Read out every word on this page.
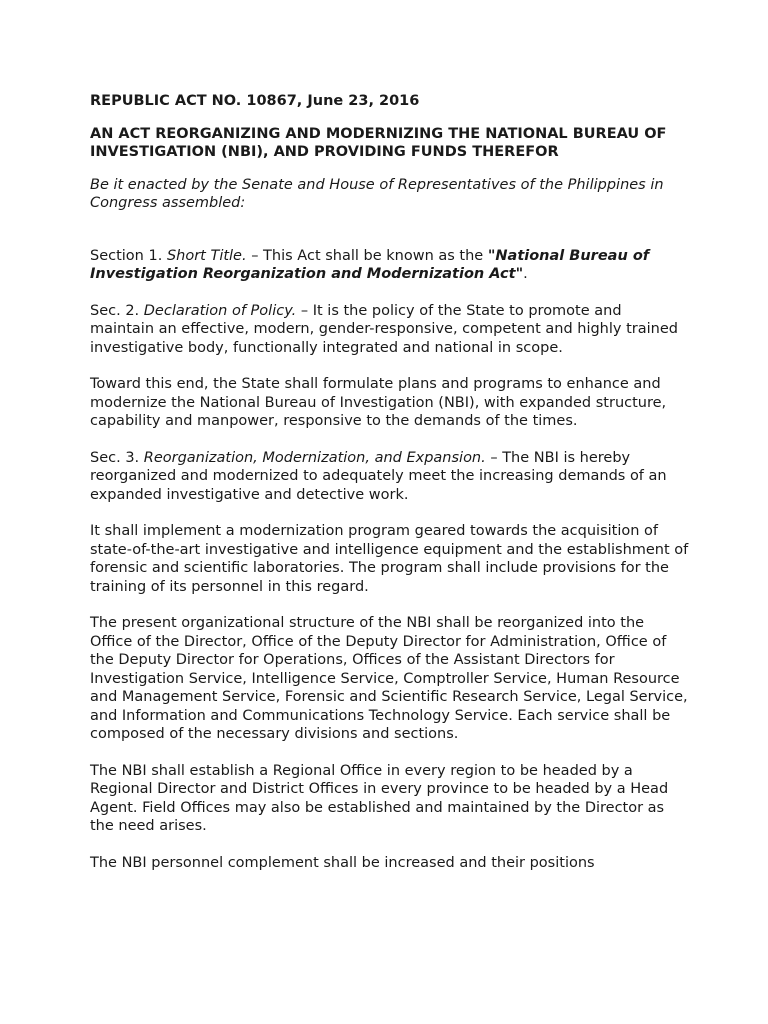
REPUBLIC ACT NO. 10867, June 23, 2016

AN ACT REORGANIZING AND MODERNIZING THE NATIONAL BUREAU OF INVESTIGATION (NBI), AND PROVIDING FUNDS THEREFOR

Be it enacted by the Senate and House of Representatives of the Philippines in Congress assembled:

Section 1. Short Title. – This Act shall be known as the "National Bureau of Investigation Reorganization and Modernization Act".

Sec. 2. Declaration of Policy. – It is the policy of the State to promote and maintain an effective, modern, gender-responsive, competent and highly trained investigative body, functionally integrated and national in scope.

Toward this end, the State shall formulate plans and programs to enhance and modernize the National Bureau of Investigation (NBI), with expanded structure, capability and manpower, responsive to the demands of the times.

Sec. 3. Reorganization, Modernization, and Expansion. – The NBI is hereby reorganized and modernized to adequately meet the increasing demands of an expanded investigative and detective work.

It shall implement a modernization program geared towards the acquisition of state-of-the-art investigative and intelligence equipment and the establishment of forensic and scientific laboratories. The program shall include provisions for the training of its personnel in this regard.

The present organizational structure of the NBI shall be reorganized into the Office of the Director, Office of the Deputy Director for Administration, Office of the Deputy Director for Operations, Offices of the Assistant Directors for Investigation Service, Intelligence Service, Comptroller Service, Human Resource and Management Service, Forensic and Scientific Research Service, Legal Service, and Information and Communications Technology Service. Each service shall be composed of the necessary divisions and sections.

The NBI shall establish a Regional Office in every region to be headed by a Regional Director and District Offices in every province to be headed by a Head Agent. Field Offices may also be established and maintained by the Director as the need arises.

The NBI personnel complement shall be increased and their positions
